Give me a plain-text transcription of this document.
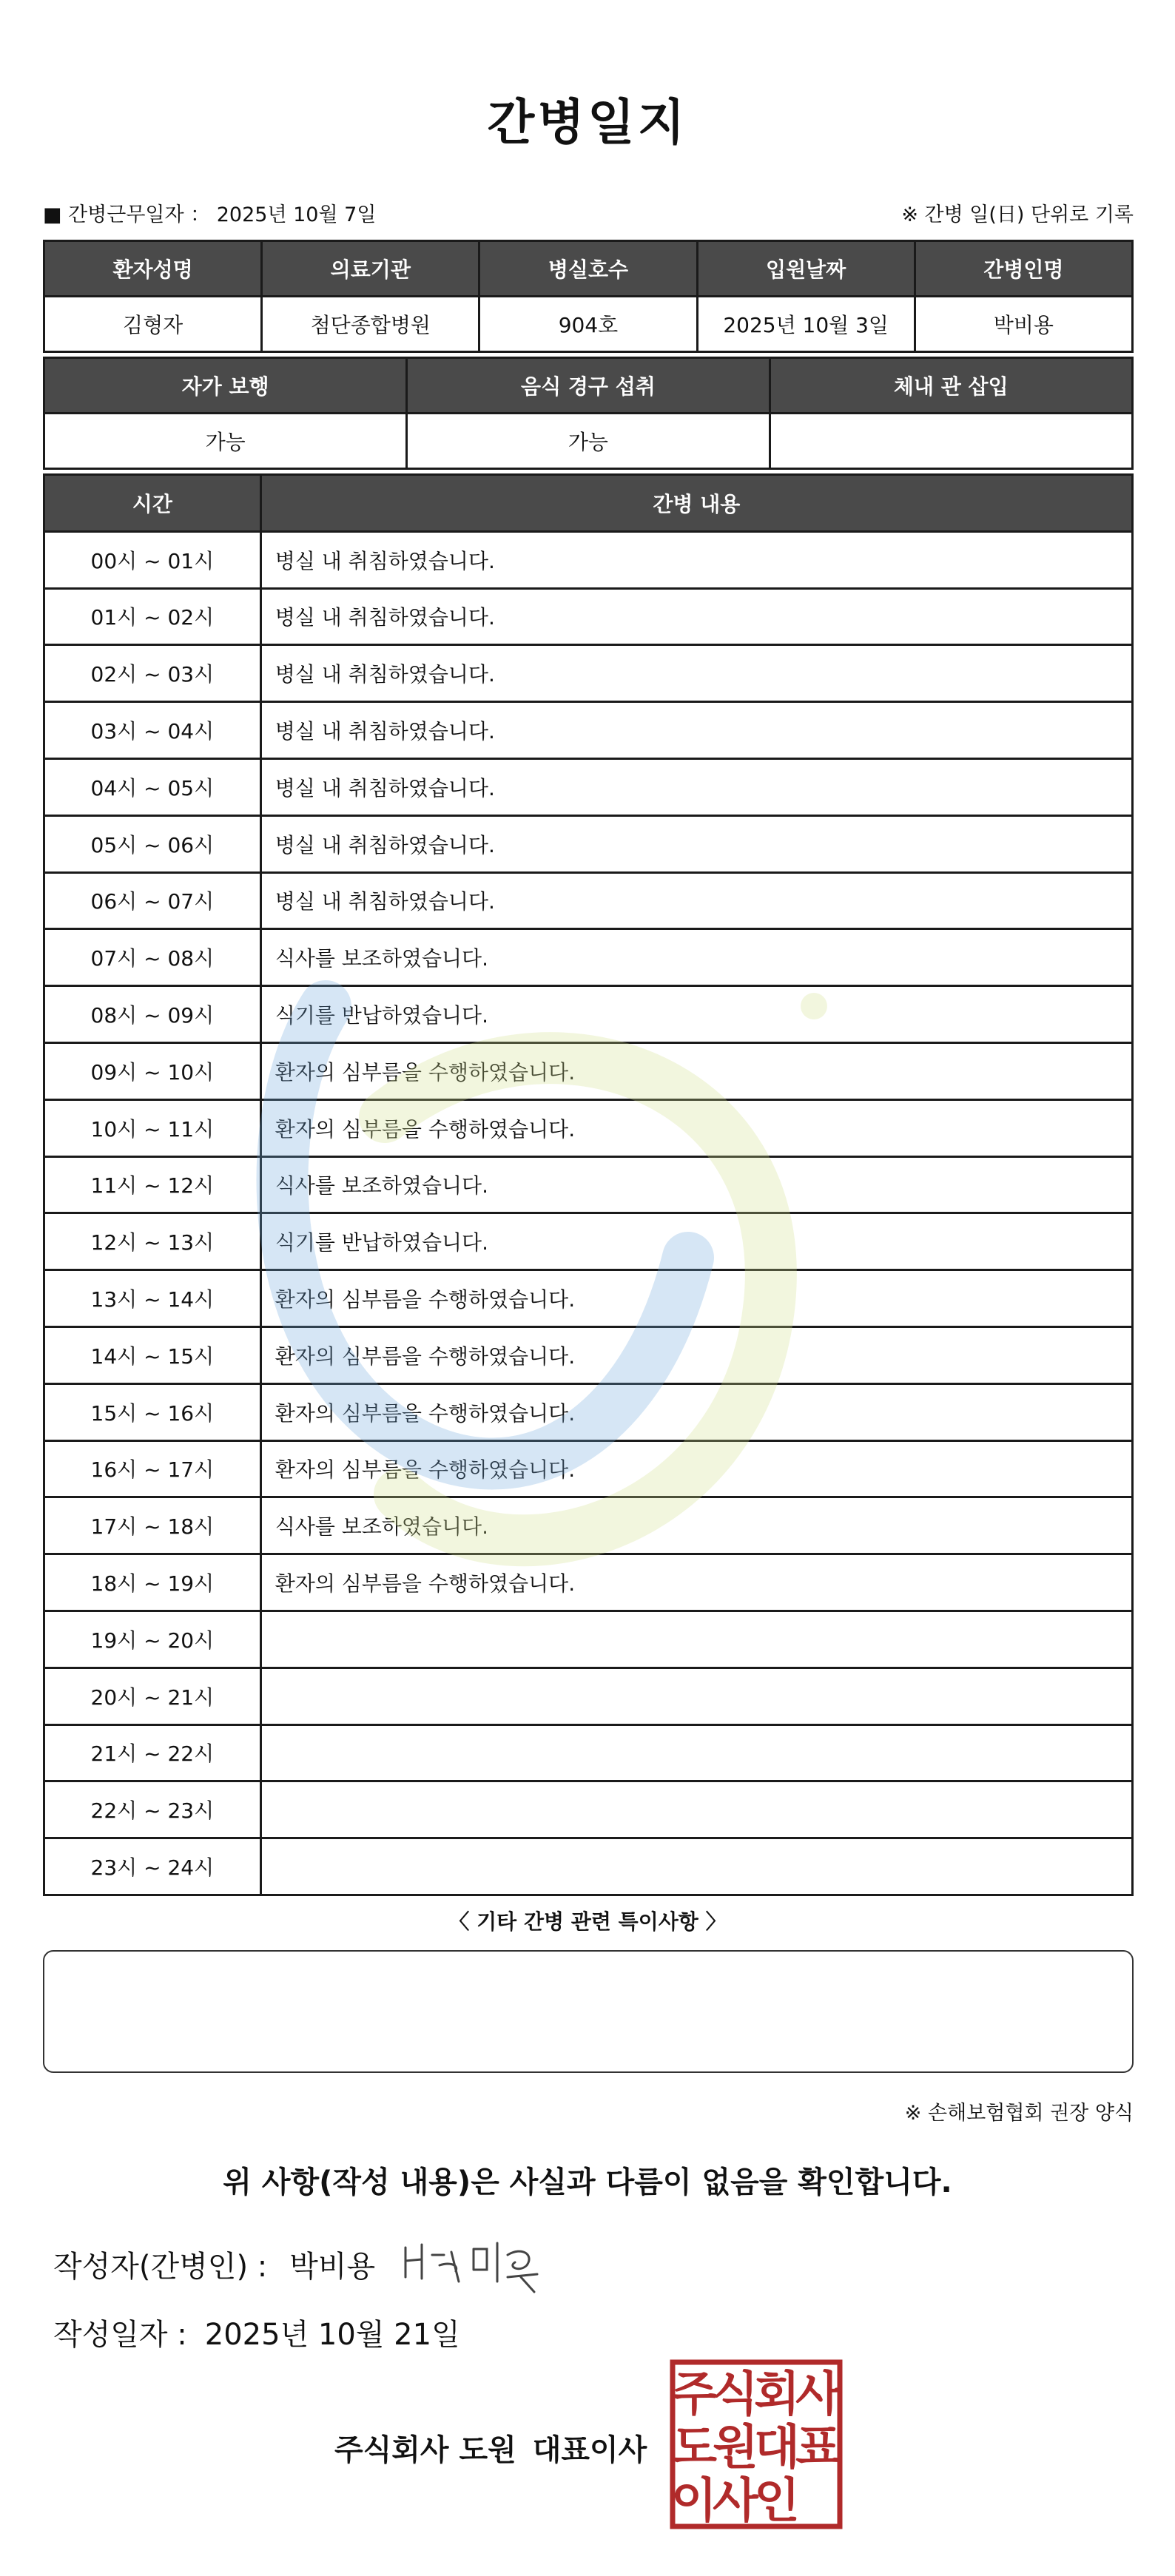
간병일지
■ 간병근무일자 ： 2025년 10월 7일	※ 간병 일(日) 단위로 기록
환자성명	의료기관	병실호수	입원날짜	간병인명
김형자	첨단종합병원	904호	2025년 10월 3일	박비용
자가 보행	음식 경구 섭취	체내 관 삽입
가능	가능	
시간	간병 내용
00시 ~ 01시	병실 내 취침하였습니다.
01시 ~ 02시	병실 내 취침하였습니다.
02시 ~ 03시	병실 내 취침하였습니다.
03시 ~ 04시	병실 내 취침하였습니다.
04시 ~ 05시	병실 내 취침하였습니다.
05시 ~ 06시	병실 내 취침하였습니다.
06시 ~ 07시	병실 내 취침하였습니다.
07시 ~ 08시	식사를 보조하였습니다.
08시 ~ 09시	식기를 반납하였습니다.
09시 ~ 10시	환자의 심부름을 수행하였습니다.
10시 ~ 11시	환자의 심부름을 수행하였습니다.
11시 ~ 12시	식사를 보조하였습니다.
12시 ~ 13시	식기를 반납하였습니다.
13시 ~ 14시	환자의 심부름을 수행하였습니다.
14시 ~ 15시	환자의 심부름을 수행하였습니다.
15시 ~ 16시	환자의 심부름을 수행하였습니다.
16시 ~ 17시	환자의 심부름을 수행하였습니다.
17시 ~ 18시	식사를 보조하였습니다.
18시 ~ 19시	환자의 심부름을 수행하였습니다.
19시 ~ 20시	
20시 ~ 21시	
21시 ~ 22시	
22시 ~ 23시	
23시 ~ 24시	
〈 기타 간병 관련 특이사항 〉
※ 손해보험협회 권장 양식
위 사항(작성 내용)은 사실과 다름이 없음을 확인합니다.
작성자(간병인) : 박비용
작성일자 : 2025년 10월 21일
주식회사 도원 대표이사
주
식
회
사
도
원
대
표
이
사
인
